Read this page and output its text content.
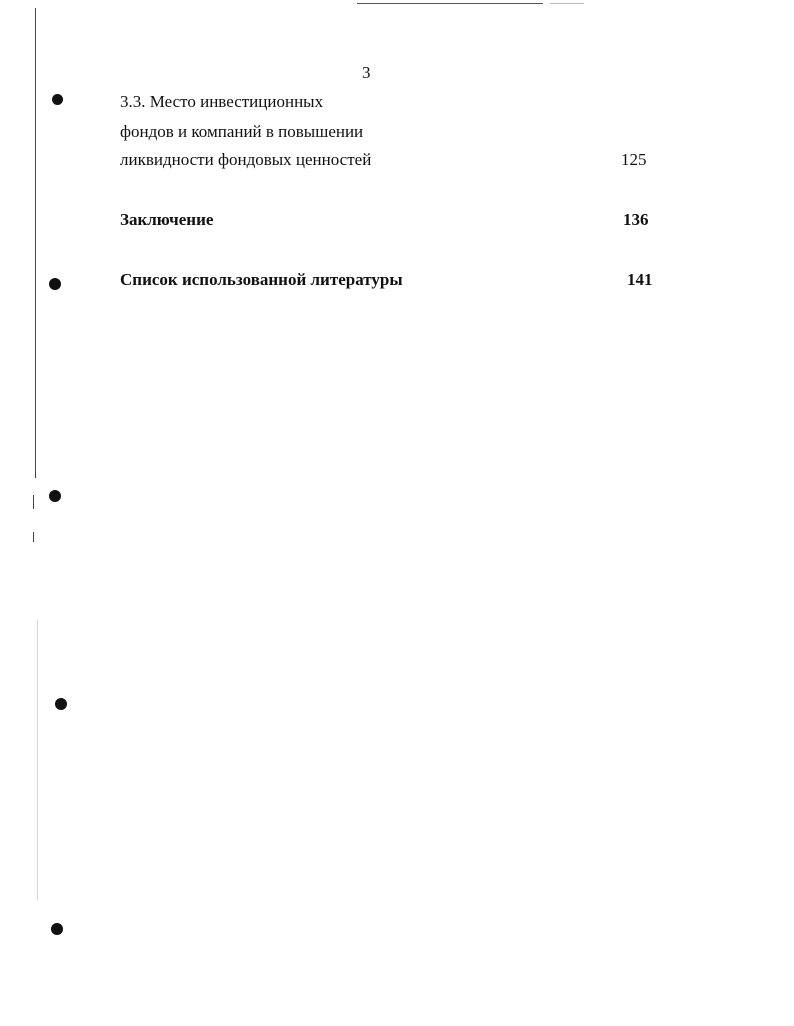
3
3.3. Место инвестиционных
фондов и компаний в повышении
ликвидности фондовых ценностей	125
Заключение	136
Список использованной литературы	141
